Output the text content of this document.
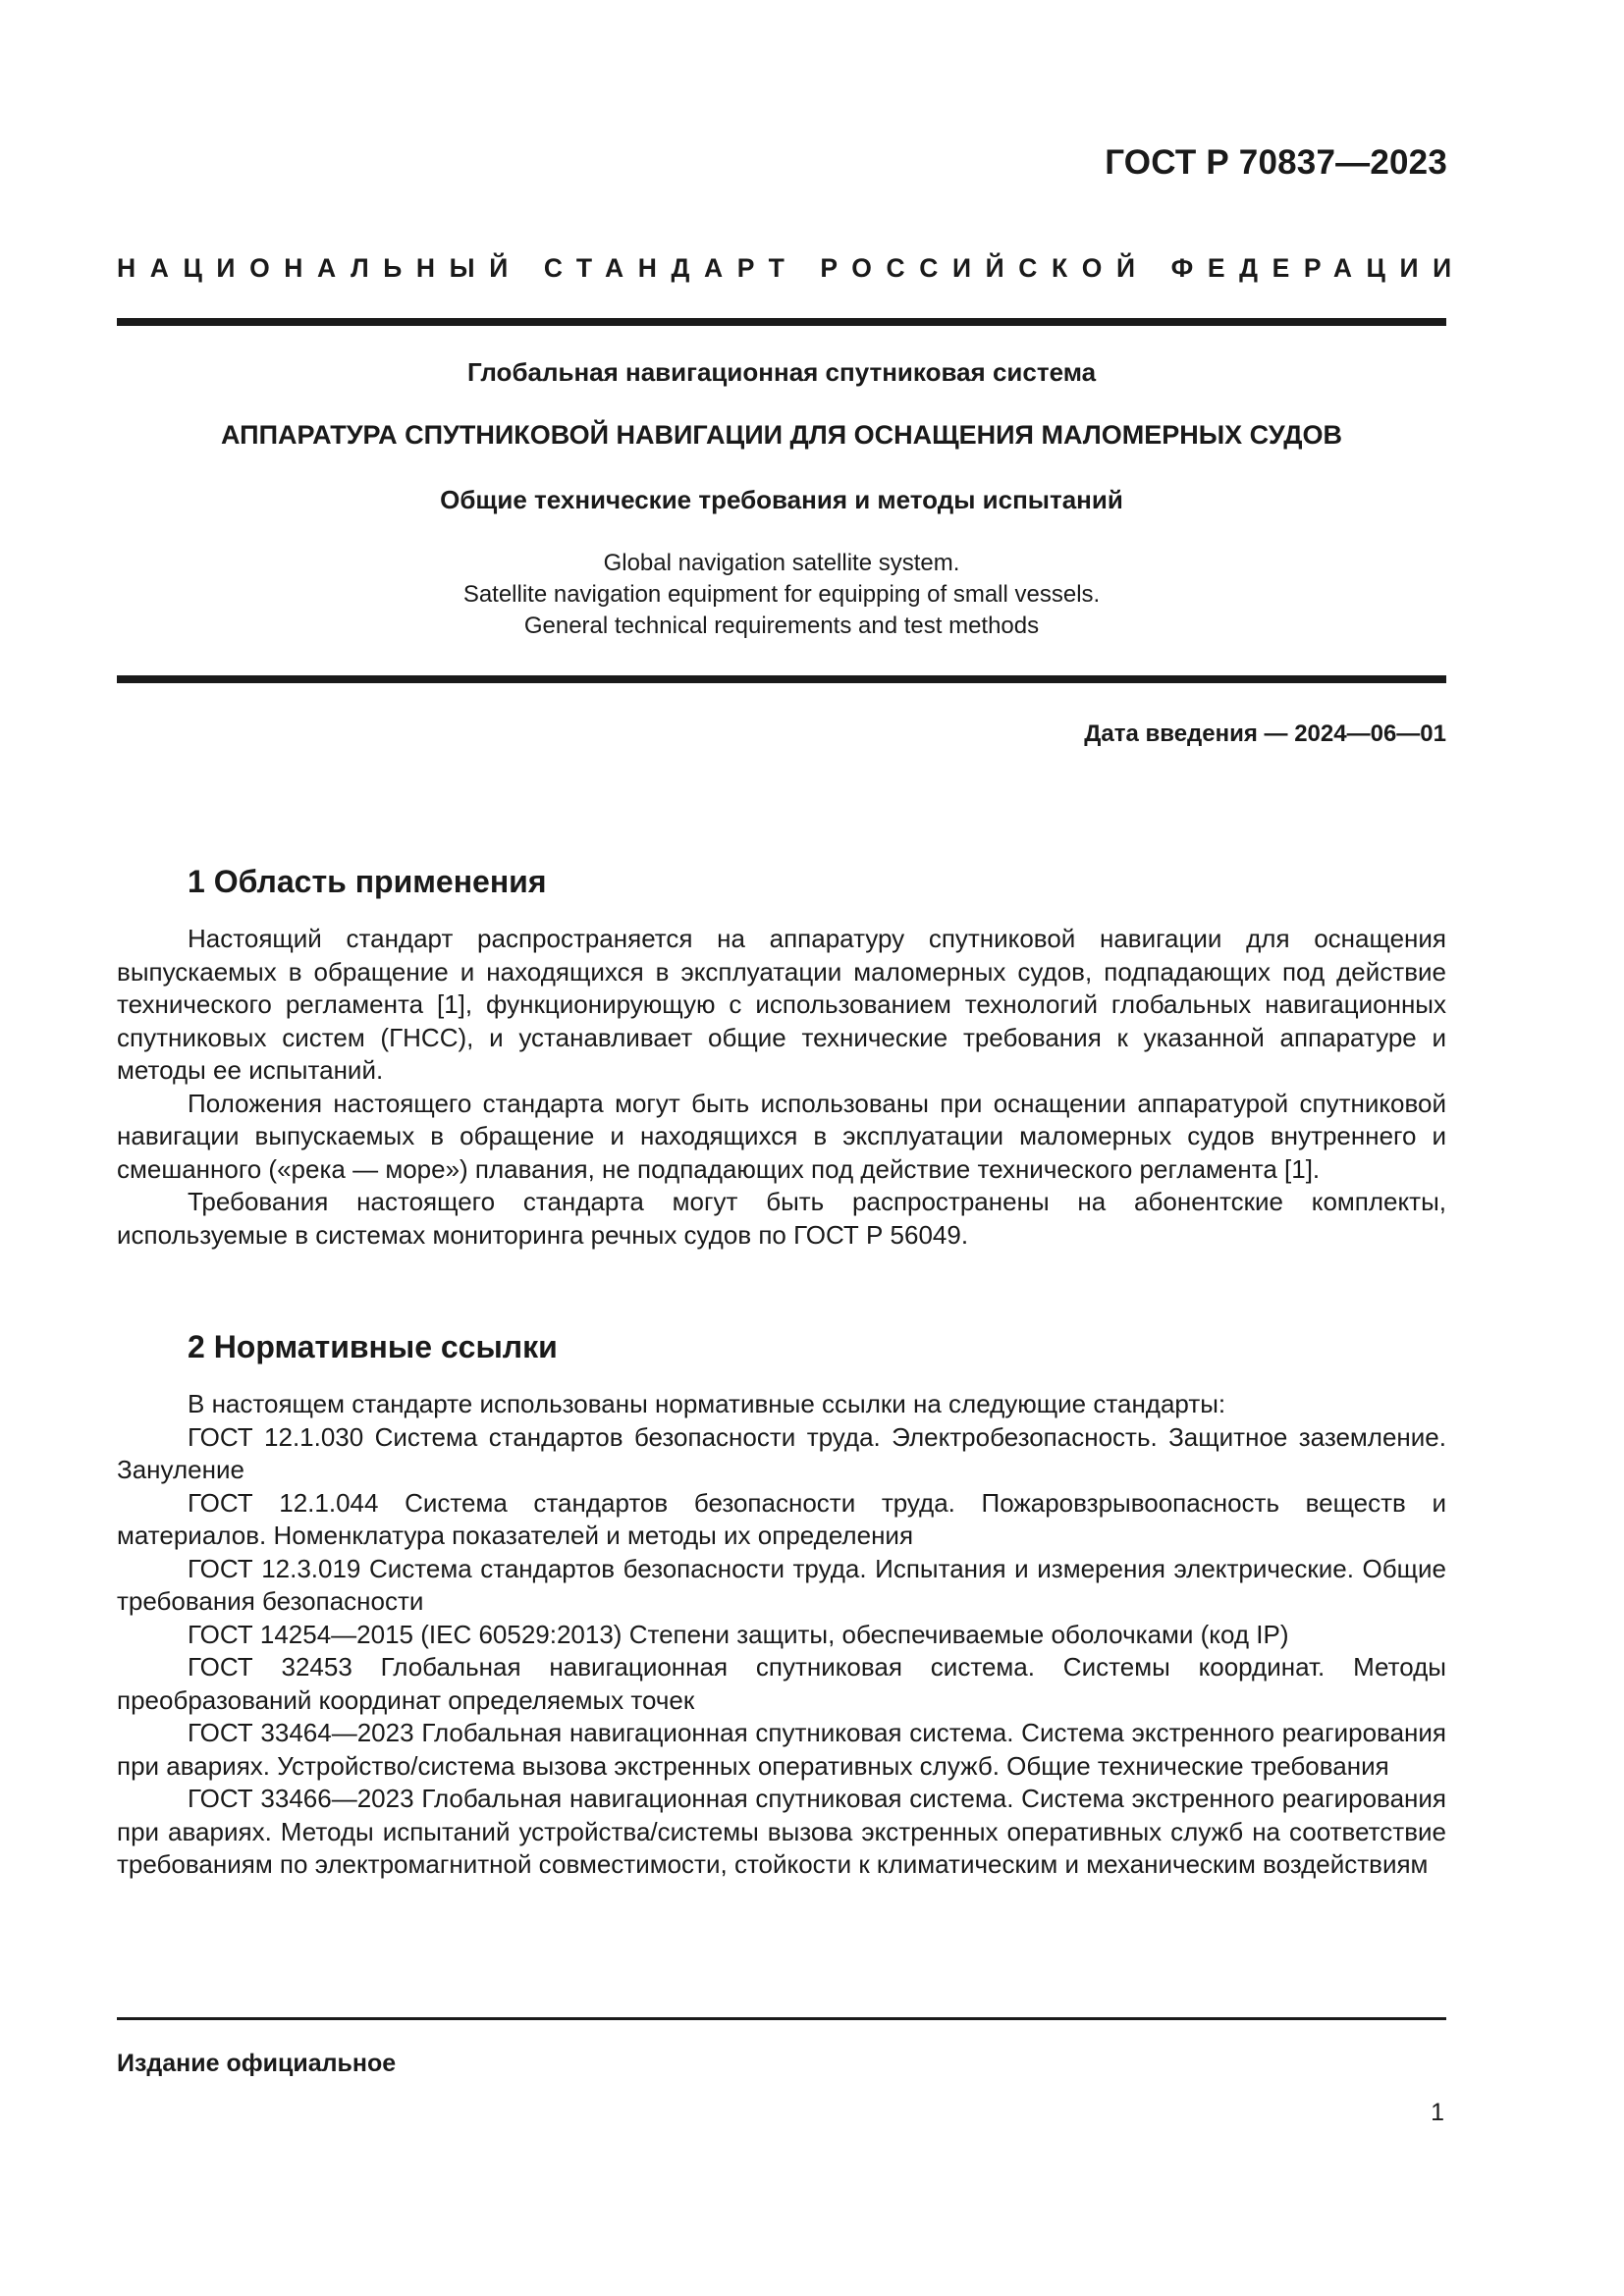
ГОСТ Р 70837—2023
НАЦИОНАЛЬНЫЙ СТАНДАРТ РОССИЙСКОЙ ФЕДЕРАЦИИ
Глобальная навигационная спутниковая система
АППАРАТУРА СПУТНИКОВОЙ НАВИГАЦИИ ДЛЯ ОСНАЩЕНИЯ МАЛОМЕРНЫХ СУДОВ
Общие технические требования и методы испытаний
Global navigation satellite system.
Satellite navigation equipment for equipping of small vessels.
General technical requirements and test methods
Дата введения — 2024—06—01
1 Область применения

Настоящий стандарт распространяется на аппаратуру спутниковой навигации для оснащения выпускаемых в обращение и находящихся в эксплуатации маломерных судов, подпадающих под действие технического регламента [1], функционирующую с использованием технологий глобальных навигационных спутниковых систем (ГНСС), и устанавливает общие технические требования к указанной аппаратуре и методы ее испытаний.

Положения настоящего стандарта могут быть использованы при оснащении аппаратурой спутниковой навигации выпускаемых в обращение и находящихся в эксплуатации маломерных судов внутреннего и смешанного («река — море») плавания, не подпадающих под действие технического регламента [1].

Требования настоящего стандарта могут быть распространены на абонентские комплекты, используемые в системах мониторинга речных судов по ГОСТ Р 56049.

2 Нормативные ссылки

В настоящем стандарте использованы нормативные ссылки на следующие стандарты:

ГОСТ 12.1.030 Система стандартов безопасности труда. Электробезопасность. Защитное заземление. Зануление

ГОСТ 12.1.044 Система стандартов безопасности труда. Пожаровзрывоопасность веществ и материалов. Номенклатура показателей и методы их определения

ГОСТ 12.3.019 Система стандартов безопасности труда. Испытания и измерения электрические. Общие требования безопасности

ГОСТ 14254—2015 (IEC 60529:2013) Степени защиты, обеспечиваемые оболочками (код IP)

ГОСТ 32453 Глобальная навигационная спутниковая система. Системы координат. Методы преобразований координат определяемых точек

ГОСТ 33464—2023 Глобальная навигационная спутниковая система. Система экстренного реагирования при авариях. Устройство/система вызова экстренных оперативных служб. Общие технические требования

ГОСТ 33466—2023 Глобальная навигационная спутниковая система. Система экстренного реагирования при авариях. Методы испытаний устройства/системы вызова экстренных оперативных служб на соответствие требованиям по электромагнитной совместимости, стойкости к климатическим и механическим воздействиям

Издание официальное
1
